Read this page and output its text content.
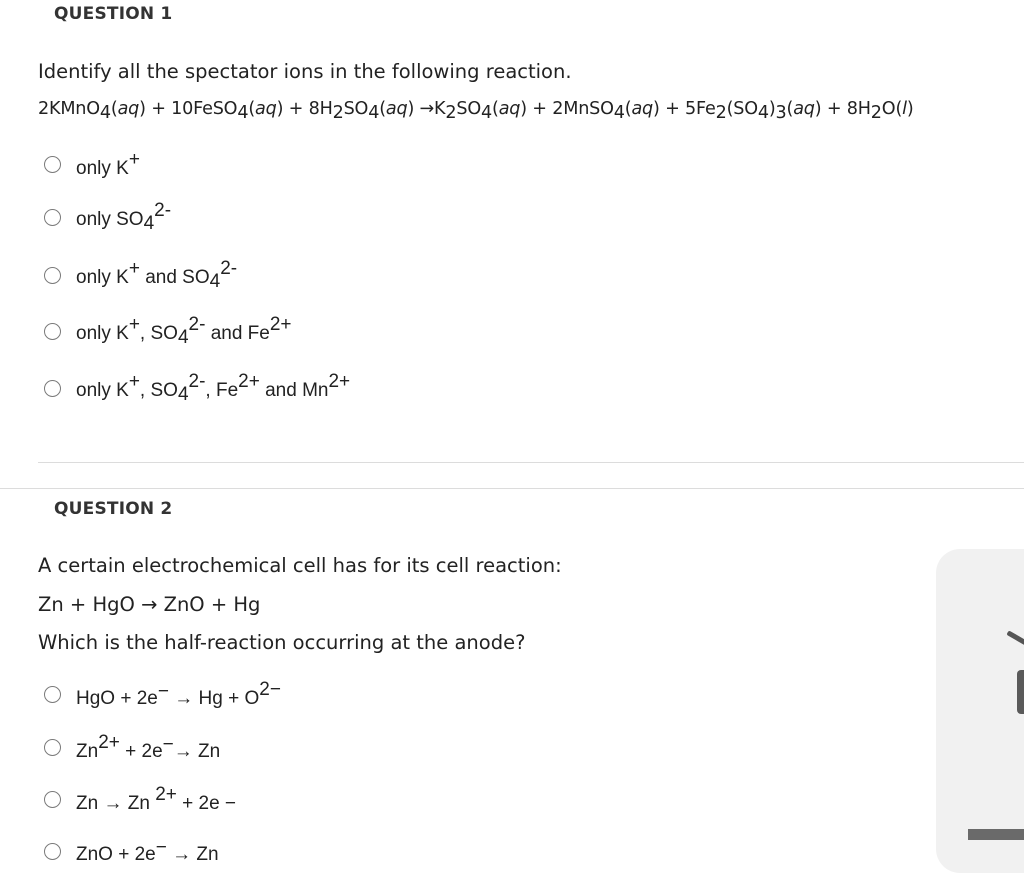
QUESTION 1
Identify all the spectator ions in the following reaction.
2KMnO4(aq) + 10FeSO4(aq) + 8H2SO4(aq) →K2SO4(aq) + 2MnSO4(aq) + 5Fe2(SO4)3(aq) + 8H2O(l)
only K+
only SO42-
only K+ and SO42-
only K+, SO42- and Fe2+
only K+, SO42-, Fe2+ and Mn2+
QUESTION 2
A certain electrochemical cell has for its cell reaction:
Zn + HgO → ZnO + Hg
Which is the half-reaction occurring at the anode?
HgO + 2e− → Hg + O2−
Zn2+ + 2e−→ Zn
Zn → Zn 2+ + 2e −
ZnO + 2e− → Zn
